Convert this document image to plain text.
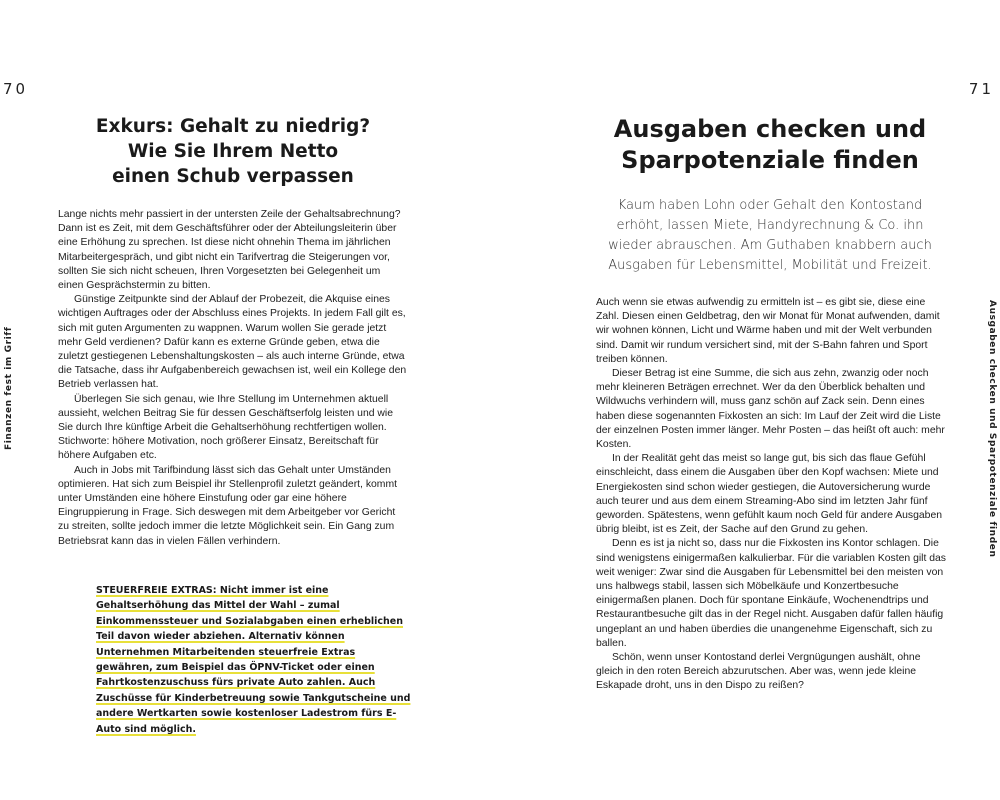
70
Finanzen fest im Griff
Exkurs: Gehalt zu niedrig?
Wie Sie Ihrem Netto
einen Schub verpassen

Lange nichts mehr passiert in der untersten Zeile der Gehaltsabrechnung? Dann ist es Zeit, mit dem Geschäftsführer oder der Abteilungsleiterin über eine Erhöhung zu sprechen. Ist diese nicht ohnehin Thema im jährlichen Mitarbeitergespräch, und gibt nicht ein Tarifvertrag die Steigerungen vor, sollten Sie sich nicht scheuen, Ihren Vorgesetzten bei Gelegenheit um einen Gesprächstermin zu bitten.

Günstige Zeitpunkte sind der Ablauf der Probezeit, die Akquise eines wichtigen Auftrages oder der Abschluss eines Projekts. In jedem Fall gilt es, sich mit guten Argumenten zu wappnen. Warum wollen Sie gerade jetzt mehr Geld verdienen? Dafür kann es externe Gründe geben, etwa die zuletzt gestiegenen Lebenshaltungskosten – als auch interne Gründe, etwa die Tatsache, dass ihr Aufgabenbereich gewachsen ist, weil ein Kollege den Betrieb verlassen hat.

Überlegen Sie sich genau, wie Ihre Stellung im Unternehmen aktuell aussieht, welchen Beitrag Sie für dessen Geschäftserfolg leisten und wie Sie durch Ihre künftige Arbeit die Gehaltserhöhung rechtfertigen wollen. Stichworte: höhere Motivation, noch größerer Einsatz, Bereitschaft für höhere Aufgaben etc.

Auch in Jobs mit Tarifbindung lässt sich das Gehalt unter Umständen optimieren. Hat sich zum Beispiel ihr Stellenprofil zuletzt geändert, kommt unter Umständen eine höhere Einstufung oder gar eine höhere Eingruppierung in Frage. Sich deswegen mit dem Arbeitgeber vor Gericht zu streiten, sollte jedoch immer die letzte Möglichkeit sein. Ein Gang zum Betriebsrat kann das in vielen Fällen verhindern.

STEUERFREIE EXTRAS: Nicht immer ist eine Gehaltserhöhung das Mittel der Wahl – zumal Einkommenssteuer und Sozialabgaben einen erheblichen Teil davon wieder abziehen. Alternativ können Unternehmen Mitarbeitenden steuerfreie Extras gewähren, zum Beispiel das ÖPNV-Ticket oder einen Fahrtkostenzuschuss fürs private Auto zahlen. Auch Zuschüsse für Kinderbetreuung sowie Tankgutscheine und andere Wertkarten sowie kostenloser Ladestrom fürs E-Auto sind möglich.

71
Ausgaben checken und Sparpotenziale finden
Ausgaben checken und
Sparpotenziale finden

Kaum haben Lohn oder Gehalt den Kontostand
erhöht, lassen Miete, Handyrechnung & Co. ihn
wieder abrauschen. Am Guthaben knabbern auch
Ausgaben für Lebensmittel, Mobilität und Freizeit.

Auch wenn sie etwas aufwendig zu ermitteln ist – es gibt sie, diese eine Zahl. Diesen einen Geldbetrag, den wir Monat für Monat aufwenden, damit wir wohnen können, Licht und Wärme haben und mit der Welt verbunden sind. Damit wir rundum versichert sind, mit der S-Bahn fahren und Sport treiben können.

Dieser Betrag ist eine Summe, die sich aus zehn, zwanzig oder noch mehr kleineren Beträgen errechnet. Wer da den Überblick behalten und Wildwuchs verhindern will, muss ganz schön auf Zack sein. Denn eines haben diese sogenannten Fixkosten an sich: Im Lauf der Zeit wird die Liste der einzelnen Posten immer länger. Mehr Posten – das heißt oft auch: mehr Kosten.

In der Realität geht das meist so lange gut, bis sich das flaue Gefühl einschleicht, dass einem die Ausgaben über den Kopf wachsen: Miete und Energiekosten sind schon wieder gestiegen, die Autoversicherung wurde auch teurer und aus dem einem Streaming-Abo sind im letzten Jahr fünf geworden. Spätestens, wenn gefühlt kaum noch Geld für andere Ausgaben übrig bleibt, ist es Zeit, der Sache auf den Grund zu gehen.

Denn es ist ja nicht so, dass nur die Fixkosten ins Kontor schlagen. Die sind wenigstens einigermaßen kalkulierbar. Für die variablen Kosten gilt das weit weniger: Zwar sind die Ausgaben für Lebensmittel bei den meisten von uns halbwegs stabil, lassen sich Möbelkäufe und Konzertbesuche einigermaßen planen. Doch für spontane Einkäufe, Wochenendtrips und Restaurantbesuche gilt das in der Regel nicht. Ausgaben dafür fallen häufig ungeplant an und haben überdies die unangenehme Eigenschaft, sich zu ballen.

Schön, wenn unser Kontostand derlei Vergnügungen aushält, ohne gleich in den roten Bereich abzurutschen. Aber was, wenn jede kleine Eskapade droht, uns in den Dispo zu reißen?
